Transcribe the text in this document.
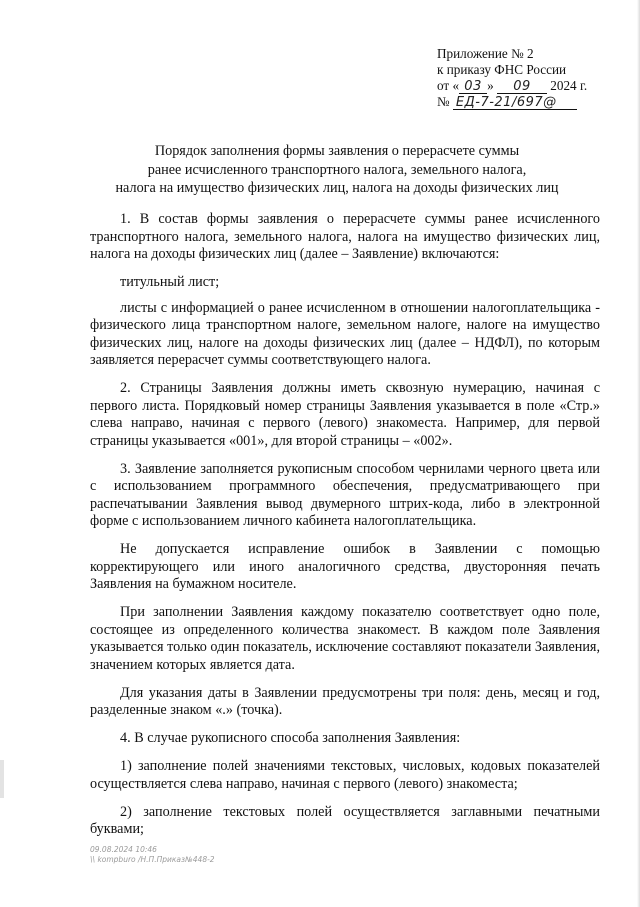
Приложение № 2
к приказу ФНС России
от « 03 » 09 2024 г.
№ ЕД-7-21/697@
Порядок заполнения формы заявления о перерасчете суммы
ранее исчисленного транспортного налога, земельного налога,
налога на имущество физических лиц, налога на доходы физических лиц

1. В состав формы заявления о перерасчете суммы ранее исчисленного транспортного налога, земельного налога, налога на имущество физических лиц, налога на доходы физических лиц (далее – Заявление) включаются:

титульный лист;

листы с информацией о ранее исчисленном в отношении налогоплательщика - физического лица транспортном налоге, земельном налоге, налоге на имущество физических лиц, налоге на доходы физических лиц (далее – НДФЛ), по которым заявляется перерасчет суммы соответствующего налога.

2. Страницы Заявления должны иметь сквозную нумерацию, начиная с первого листа. Порядковый номер страницы Заявления указывается в поле «Стр.» слева направо, начиная с первого (левого) знакоместа. Например, для первой страницы указывается «001», для второй страницы – «002».

3. Заявление заполняется рукописным способом чернилами черного цвета или с использованием программного обеспечения, предусматривающего при распечатывании Заявления вывод двумерного штрих-кода, либо в электронной форме с использованием личного кабинета налогоплательщика.

Не допускается исправление ошибок в Заявлении с помощью корректирующего или иного аналогичного средства, двусторонняя печать Заявления на бумажном носителе.

При заполнении Заявления каждому показателю соответствует одно поле, состоящее из определенного количества знакомест. В каждом поле Заявления указывается только один показатель, исключение составляют показатели Заявления, значением которых является дата.

Для указания даты в Заявлении предусмотрены три поля: день, месяц и год, разделенные знаком «.» (точка).

4. В случае рукописного способа заполнения Заявления:

1) заполнение полей значениями текстовых, числовых, кодовых показателей осуществляется слева направо, начиная с первого (левого) знакоместа;

2) заполнение текстовых полей осуществляется заглавными печатными буквами;

09.08.2024 10:46
\\ kompburo /Н.П.Приказ№448-2
